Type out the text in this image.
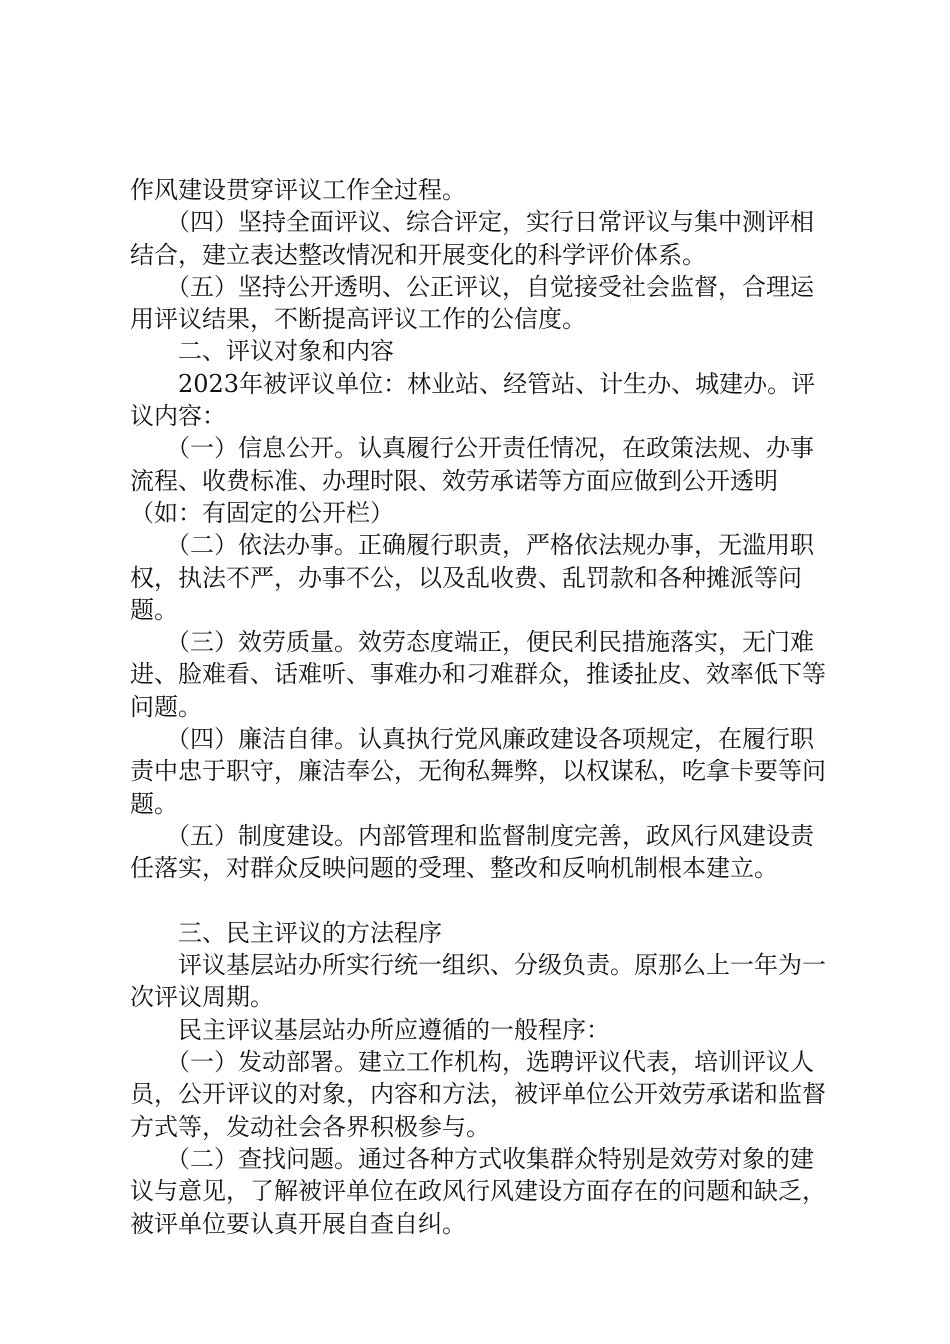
作风建设贯穿评议工作全过程。

　　（四）坚持全面评议、综合评定，实行日常评议与集中测评相结合，建立表达整改情况和开展变化的科学评价体系。

　　（五）坚持公开透明、公正评议，自觉接受社会监督，合理运用评议结果，不断提高评议工作的公信度。

　　二、评议对象和内容

　　2023年被评议单位：林业站、经管站、计生办、城建办。评议内容：

　　（一）信息公开。认真履行公开责任情况，在政策法规、办事流程、收费标准、办理时限、效劳承诺等方面应做到公开透明（如：有固定的公开栏）

　　（二）依法办事。正确履行职责，严格依法规办事，无滥用职权，执法不严，办事不公，以及乱收费、乱罚款和各种摊派等问题。

　　（三）效劳质量。效劳态度端正，便民利民措施落实，无门难进、脸难看、话难听、事难办和刁难群众，推诿扯皮、效率低下等问题。

　　（四）廉洁自律。认真执行党风廉政建设各项规定，在履行职责中忠于职守，廉洁奉公，无徇私舞弊，以权谋私，吃拿卡要等问题。

　　（五）制度建设。内部管理和监督制度完善，政风行风建设责任落实，对群众反映问题的受理、整改和反响机制根本建立。

　　三、民主评议的方法程序

　　评议基层站办所实行统一组织、分级负责。原那么上一年为一次评议周期。

　　民主评议基层站办所应遵循的一般程序：

　　（一）发动部署。建立工作机构，选聘评议代表，培训评议人员，公开评议的对象，内容和方法，被评单位公开效劳承诺和监督方式等，发动社会各界积极参与。

　　（二）查找问题。通过各种方式收集群众特别是效劳对象的建议与意见，了解被评单位在政风行风建设方面存在的问题和缺乏，被评单位要认真开展自查自纠。
